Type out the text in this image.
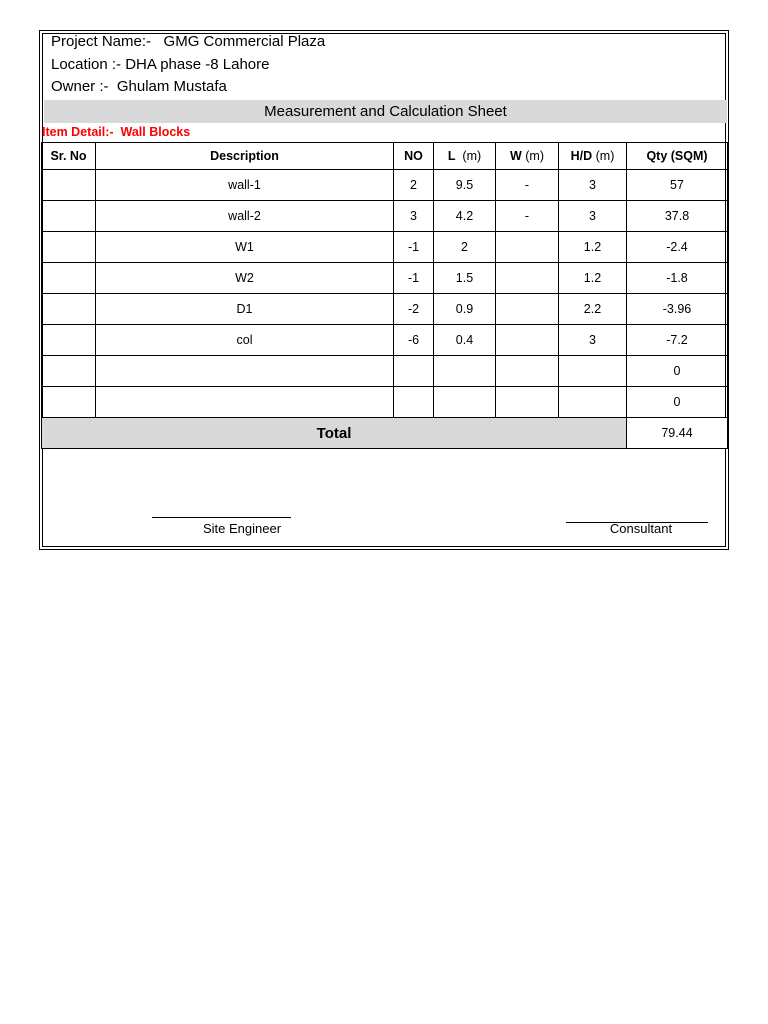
Project Name:-   GMG Commercial Plaza
Location :- DHA phase -8 Lahore
Owner :-  Ghulam Mustafa
Measurement and Calculation Sheet
Item Detail:-  Wall Blocks
Site Engineer	Consultant
Sr. No	Description	NO	L (m)	W (m)	H/D (m)	Qty (SQM)
	wall-1	2	9.5	-	3	57
	wall-2	3	4.2	-	3	37.8
	W1	-1	2		1.2	-2.4
	W2	-1	1.5		1.2	-1.8
	D1	-2	0.9		2.2	-3.96
	col	-6	0.4		3	-7.2
						0
						0
Total						79.44
